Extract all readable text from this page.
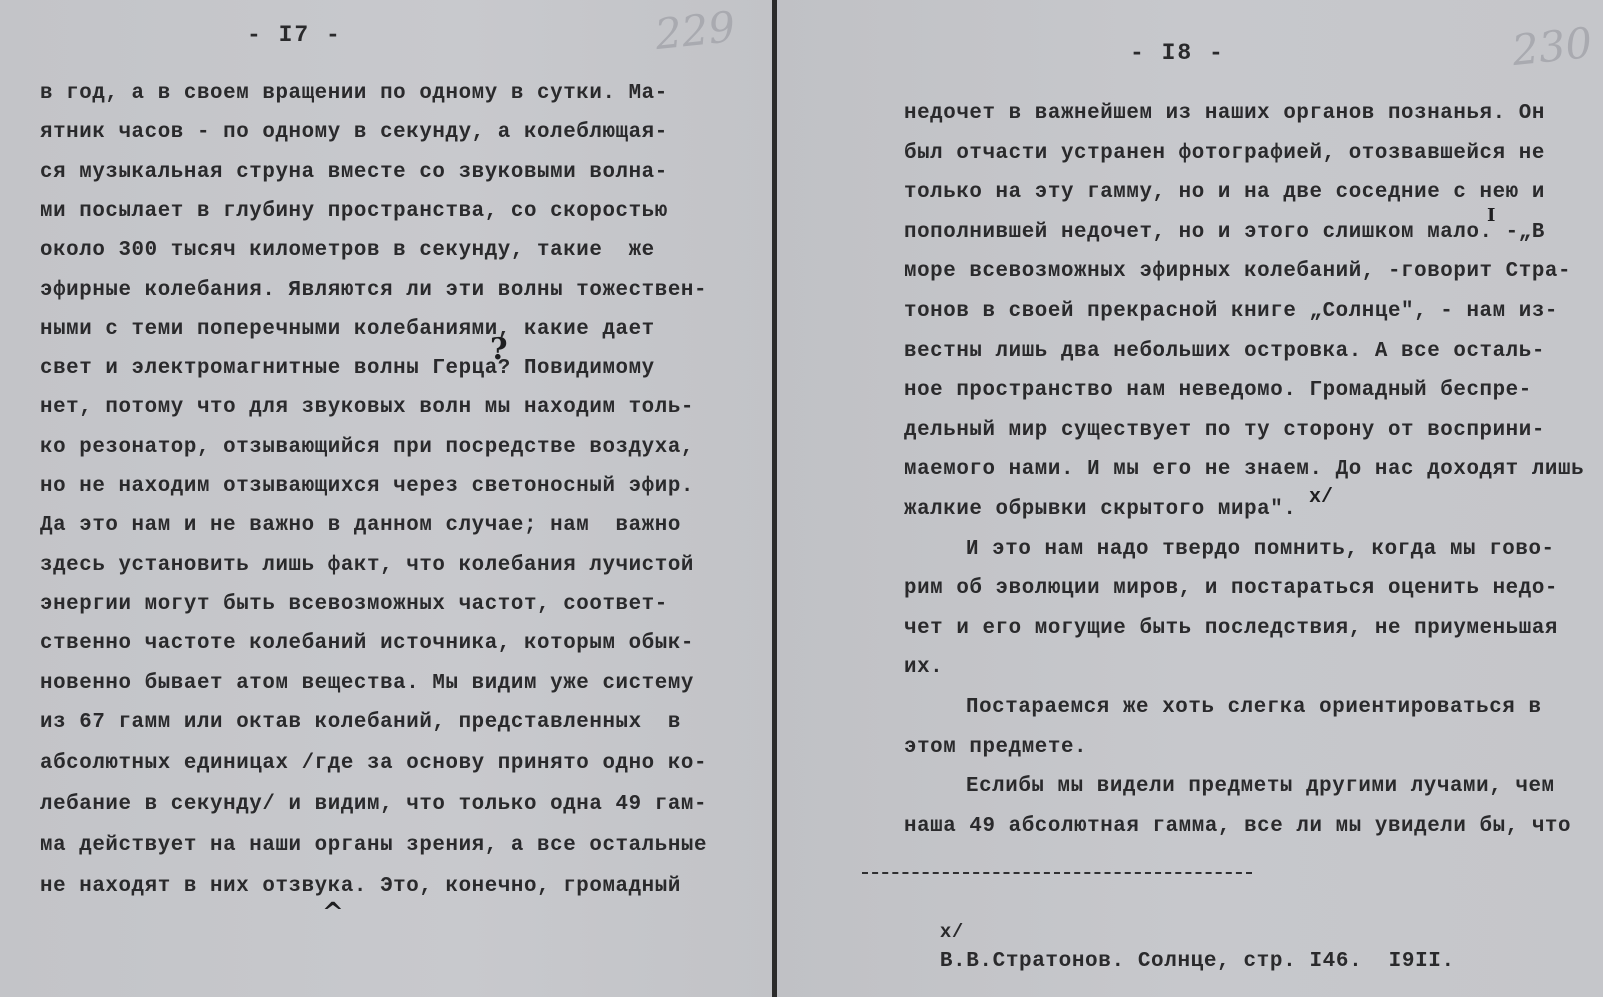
- I7 -	229
?
^
в год, а в своем вращении по одному в сутки. Ма-
ятник часов - по одному в секунду, а колеблющая-
ся музыкальная струна вместе со звуковыми волна-
ми посылает в глубину пространства, со скоростью
около 300 тысяч километров в секунду, такие  же
эфирные колебания. Являются ли эти волны тожествен-
ными с теми поперечными колебаниями, какие дает
свет и электромагнитные волны Герца? Повидимому
нет, потому что для звуковых волн мы находим толь-
ко резонатор, отзывающийся при посредстве воздуха,
но не находим отзывающихся через светоносный эфир.
Да это нам и не важно в данном случае; нам  важно
здесь установить лишь факт, что колебания лучистой
энергии могут быть всевозможных частот, соответ-
ственно частоте колебаний источника, которым обык-
новенно бывает атом вещества. Мы видим уже систему
из 67 гамм или октав колебаний, представленных  в
абсолютных единицах /где за основу принято одно ко-
лебание в секунду/ и видим, что только одна 49 гам-
ма действует на наши органы зрения, а все остальные
не находят в них отзвука. Это, конечно, громадный
- I8 -	230
I
x/
недочет в важнейшем из наших органов познанья. Он
был отчасти устранен фотографией, отозвавшейся не
только на эту гамму, но и на две соседние с нею и
пополнившей недочет, но и этого слишком мало. -„В
море всевозможных эфирных колебаний, -говорит Стра-
тонов в своей прекрасной книге „Солнце", - нам из-
вестны лишь два небольших островка. А все осталь-
ное пространство нам неведомо. Громадный беспре-
дельный мир существует по ту сторону от восприни-
маемого нами. И мы его не знаем. До нас доходят лишь
жалкие обрывки скрытого мира".
И это нам надо твердо помнить, когда мы гово-
рим об эволюции миров, и постараться оценить недо-
чет и его могущие быть последствия, не приуменьшая
их.
Постараемся же хоть слегка ориентироваться в
этом предмете.
Еслибы мы видели предметы другими лучами, чем
наша 49 абсолютная гамма, все ли мы увидели бы, что

x/
В.В.Стратонов. Солнце, стр. I46.  I9II.
